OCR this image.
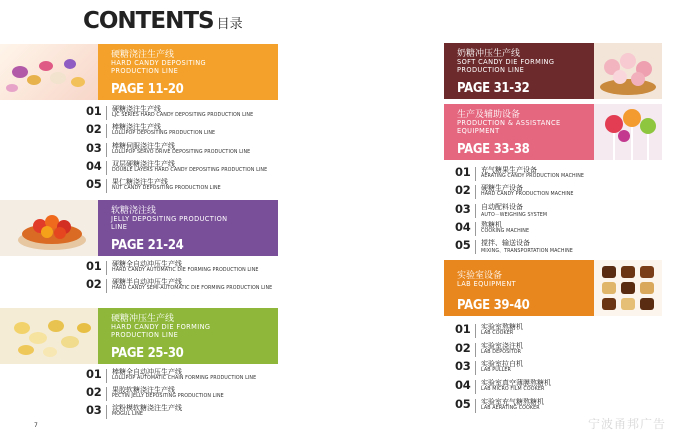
CONTENTS 目录
硬糖浇注生产线
HARD CANDY DEPOSITING
PRODUCTION LINE
PAGE 11-20
01 硬糖浇注生产线
LJC SERIES HARD CANDY DEPOSITING PRODUCTION LINE
02 棒糖浇注生产线
LOLLIPOP DEPOSITING PRODUCTION LINE
03 棒糖伺服浇注生产线
LOLLIPOP SERVO DRIVE DEPOSITING PRODUCTION LINE
04 双层硬糖浇注生产线
DOUBLE LAYERS HARD CANDY DEPOSITING PRODUCTION LINE
05 果仁糖浇注生产线
NUT CANDY DEPOSITING PRODUCTION LINE
软糖浇注线
JELLY DEPOSITING PRODUCTION
LINE
PAGE 21-24
01 硬糖全自动冲压生产线
HARD CANDY AUTOMATIC DIE FORMING PRODUCTION LINE
02 硬糖半自动冲压生产线
HARD CANDY SEMI-AUTOMATIC DIE FORMING PRODUCTION LINE
硬糖冲压生产线
HARD CANDY DIE FORMING
PRODUCTION LINE
PAGE 25-30
01 棒糖全自动冲压生产线
LOLLIPOP AUTOMATIC CHAIN FORMING PRODUCTION LINE
02 果胶软糖浇注生产线
PECTIN JELLY DEPOSITING PRODUCTION LINE
03 淀粉模软糖浇注生产线
MOGUL LINE
7
奶糖冲压生产线
SOFT CANDY DIE FORMING
PRODUCTION LINE
PAGE 31-32
生产及辅助设备
PRODUCTION & ASSISTANCE
EQUIPMENT
PAGE 33-38
01 充气糖果生产设备
AERATING CANDY PRODUCTION MACHINE
02 硬糖生产设备
HARD CANDY PRODUCTION MACHINE
03 自动配料设备
AUTO－WEIGHING SYSTEM
04 熬糖机
COOKING MACHINE
05 搅拌、输送设备
MIXING、TRANSPORTATION MACHINE
实验室设备
LAB EQUIPMENT
PAGE 39-40
01 实验室熬糖机
LAB COOKER
02 实验室浇注机
LAB DEPOSITOR
03 实验室拉白机
LAB PULLER
04 实验室真空薄膜熬糖机
LAB MICRO FILM COOKER
05 实验室充气糖熬糖机
LAB AERATING COOKER
宁波甬邦广告
